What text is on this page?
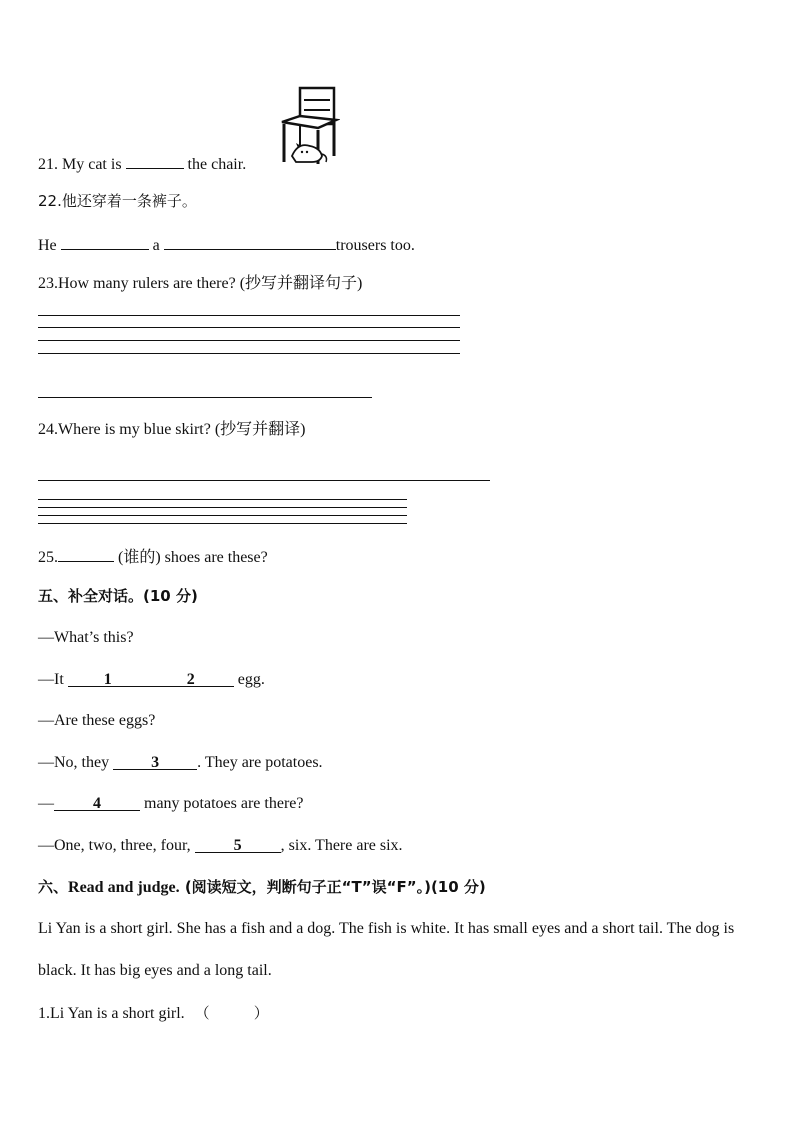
21. My cat is	the chair.
22.他还穿着一条裤子。
He	a	trousers too.
23.How many rulers are there? (抄写并翻译句子)
24.Where is my blue skirt? (抄写并翻译)
25.	(谁的) shoes are these?
五、补全对话。(10 分)
—What’s this?
—It	1	2	egg.
—Are these eggs?
—No, they	3 . They are potatoes.
— 4	many potatoes are there?
—One, two, three, four,	5 , six. There are six.
六、Read and judge. (阅读短文，判断句子正“T”误“F”。)(10 分)
Li Yan is a short girl. She has a fish and a dog. The fish is white. It has small eyes and a short tail. The dog is black. It has big eyes and a long tail.
1.Li Yan is a short girl. （	）
